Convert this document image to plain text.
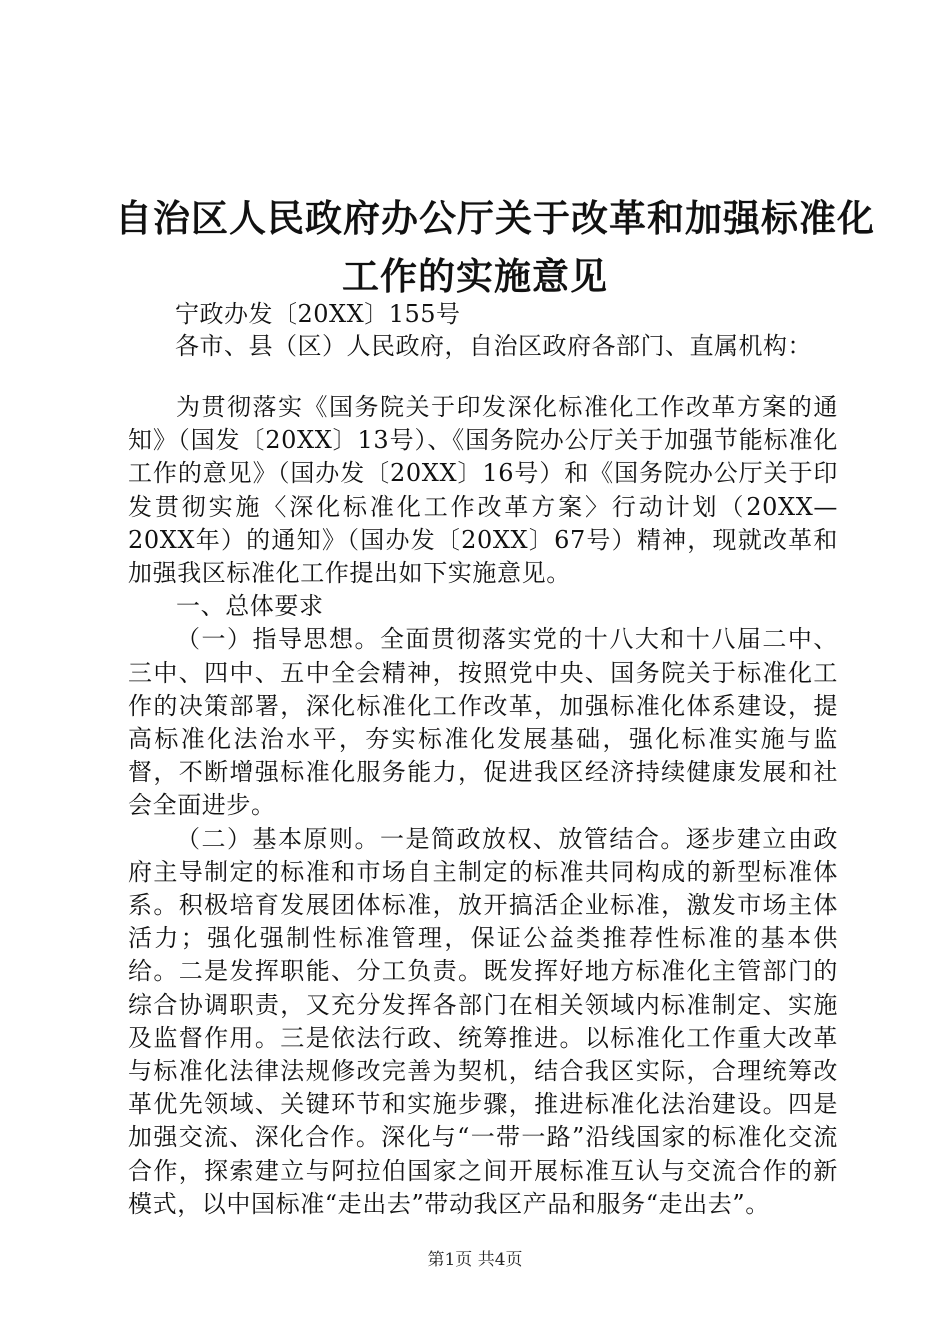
自治区人民政府办公厅关于改革和加强标准化
工作的实施意见
宁政办发〔20XX〕155号
各市、县（区）人民政府，自治区政府各部门、直属机构：

为贯彻落实《国务院关于印发深化标准化工作改革方案的通知》（国发〔20XX〕13号）、《国务院办公厅关于加强节能标准化工作的意见》（国办发〔20XX〕16号）和《国务院办公厅关于印发贯彻实施〈深化标准化工作改革方案〉行动计划（20XX—20XX年）的通知》（国办发〔20XX〕67号）精神，现就改革和加强我区标准化工作提出如下实施意见。

一、总体要求

（一）指导思想。全面贯彻落实党的十八大和十八届二中、三中、四中、五中全会精神，按照党中央、国务院关于标准化工作的决策部署，深化标准化工作改革，加强标准化体系建设，提高标准化法治水平，夯实标准化发展基础，强化标准实施与监督，不断增强标准化服务能力，促进我区经济持续健康发展和社会全面进步。

（二）基本原则。一是简政放权、放管结合。逐步建立由政府主导制定的标准和市场自主制定的标准共同构成的新型标准体系。积极培育发展团体标准，放开搞活企业标准，激发市场主体活力；强化强制性标准管理，保证公益类推荐性标准的基本供给。二是发挥职能、分工负责。既发挥好地方标准化主管部门的综合协调职责，又充分发挥各部门在相关领域内标准制定、实施及监督作用。三是依法行政、统筹推进。以标准化工作重大改革与标准化法律法规修改完善为契机，结合我区实际，合理统筹改革优先领域、关键环节和实施步骤，推进标准化法治建设。四是加强交流、深化合作。深化与“一带一路”沿线国家的标准化交流合作，探索建立与阿拉伯国家之间开展标准互认与交流合作的新模式，以中国标准“走出去”带动我区产品和服务“走出去”。

第1页 共4页
